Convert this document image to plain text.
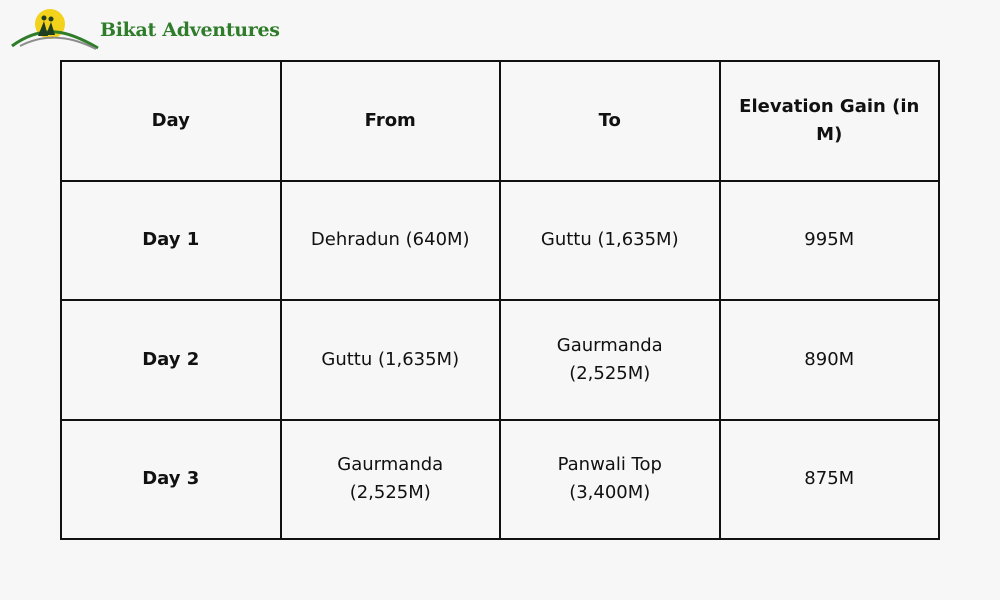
Bikat Adventures
Day	From	To	Elevation Gain (in M)
Day 1	Dehradun (640M)	Guttu (1,635M)	995M
Day 2	Guttu (1,635M)	Gaurmanda (2,525M)	890M
Day 3	Gaurmanda (2,525M)	Panwali Top (3,400M)	875M
